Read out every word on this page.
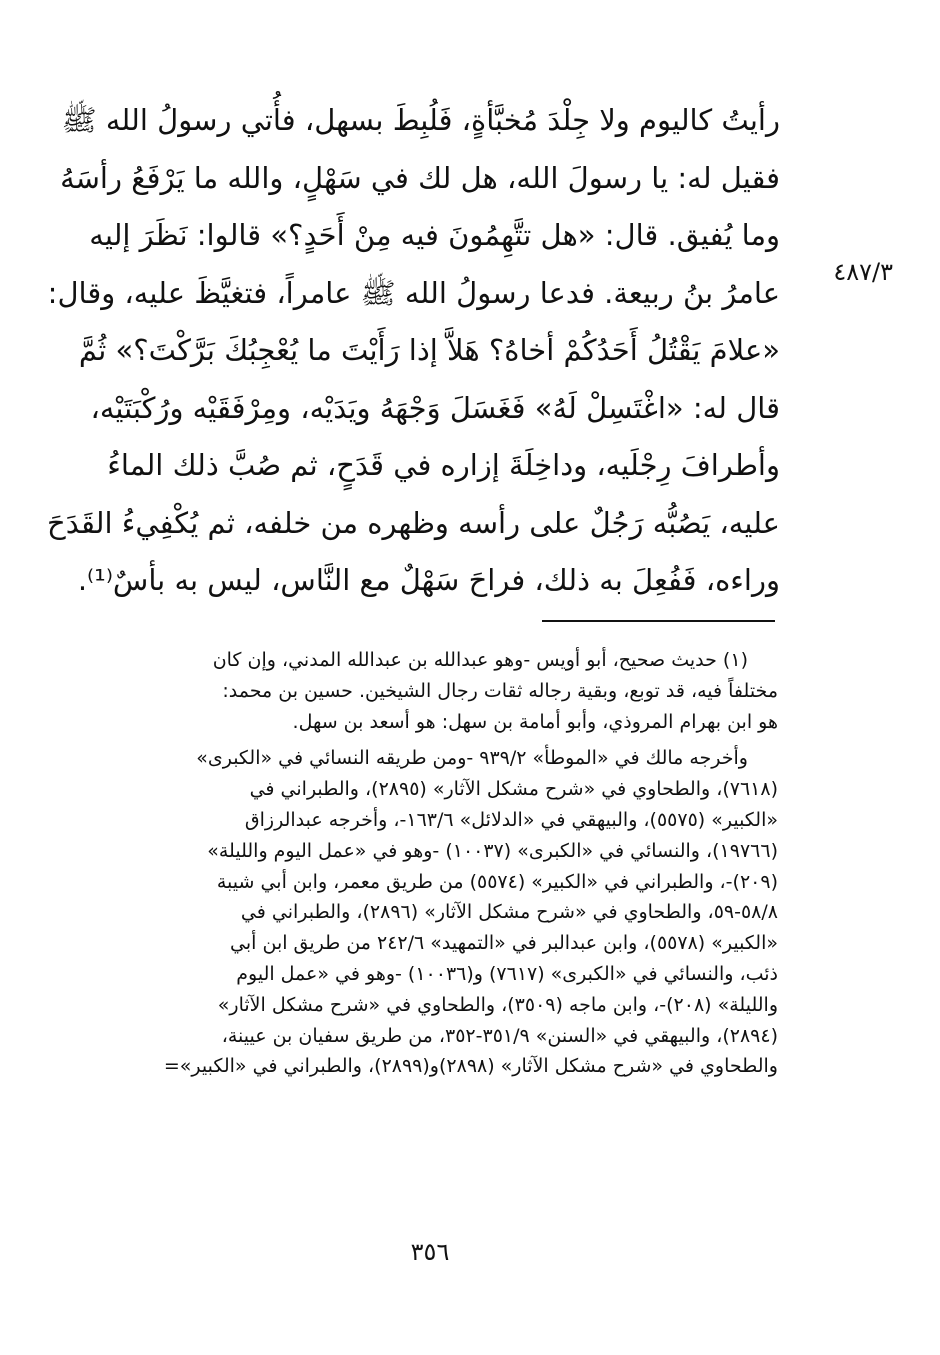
رأيتُ كاليوم ولا جِلْدَ مُخبَّأةٍ، فَلُبِطَ بسهل، فأُتي رسولُ الله ﷺ
فقيل له: يا رسولَ الله، هل لك في سَهْلٍ، والله ما يَرْفَعُ رأسَهُ
وما يُفيق. قال: «هل تتَّهِمُونَ فيه مِنْ أَحَدٍ؟» قالوا: نَظَرَ إليه
عامرُ بنُ ربيعة. فدعا رسولُ الله ﷺ عامراً، فتغيَّظَ عليه، وقال:
«علامَ يَقْتُلُ أَحَدُكُمْ أخاهُ؟ هَلاَّ إذا رَأَيْتَ ما يُعْجِبُكَ بَرَّكْتَ؟» ثُمَّ
قال له: «اغْتَسِلْ لَهُ» فَغَسَلَ وَجْهَهُ ويَدَيْه، ومِرْفَقَيْه ورُكْبَتَيْه،
وأطرافَ رِجْلَيه، وداخِلَةَ إزاره في قَدَحٍ، ثم صُبَّ ذلك الماءُ
عليه، يَصُبُّه رَجُلٌ على رأسه وظهره من خلفه، ثم يُكْفِيءُ القَدَحَ
وراءه، فَفُعِلَ به ذلك، فراحَ سَهْلٌ مع النَّاس، ليس به بأسٌ⁽¹⁾.
٤٨٧/٣
(١) حديث صحيح، أبو أويس -وهو عبدالله بن عبدالله المدني، وإن كان
مختلفاً فيه، قد توبع، وبقية رجاله ثقات رجال الشيخين. حسين بن محمد:
هو ابن بهرام المروذي، وأبو أمامة بن سهل: هو أسعد بن سهل.
وأخرجه مالك في «الموطأ» ٩٣٩/٢ -ومن طريقه النسائي في «الكبرى»
(٧٦١٨)، والطحاوي في «شرح مشكل الآثار» (٢٨٩٥)، والطبراني في
«الكبير» (٥٥٧٥)، والبيهقي في «الدلائل» ١٦٣/٦-، وأخرجه عبدالرزاق
(١٩٧٦٦)، والنسائي في «الكبرى» (١٠٠٣٧) -وهو في «عمل اليوم والليلة»
(٢٠٩)-، والطبراني في «الكبير» (٥٥٧٤) من طريق معمر، وابن أبي شيبة
٥٨/٨-٥٩، والطحاوي في «شرح مشكل الآثار» (٢٨٩٦)، والطبراني في
«الكبير» (٥٥٧٨)، وابن عبدالبر في «التمهيد» ٢٤٢/٦ من طريق ابن أبي
ذئب، والنسائي في «الكبرى» (٧٦١٧) و(١٠٠٣٦) -وهو في «عمل اليوم
والليلة» (٢٠٨)-، وابن ماجه (٣٥٠٩)، والطحاوي في «شرح مشكل الآثار»
(٢٨٩٤)، والبيهقي في «السنن» ٣٥١/٩-٣٥٢، من طريق سفيان بن عيينة،
والطحاوي في «شرح مشكل الآثار» (٢٨٩٨)و(٢٨٩٩)، والطبراني في «الكبير»=
٣٥٦
